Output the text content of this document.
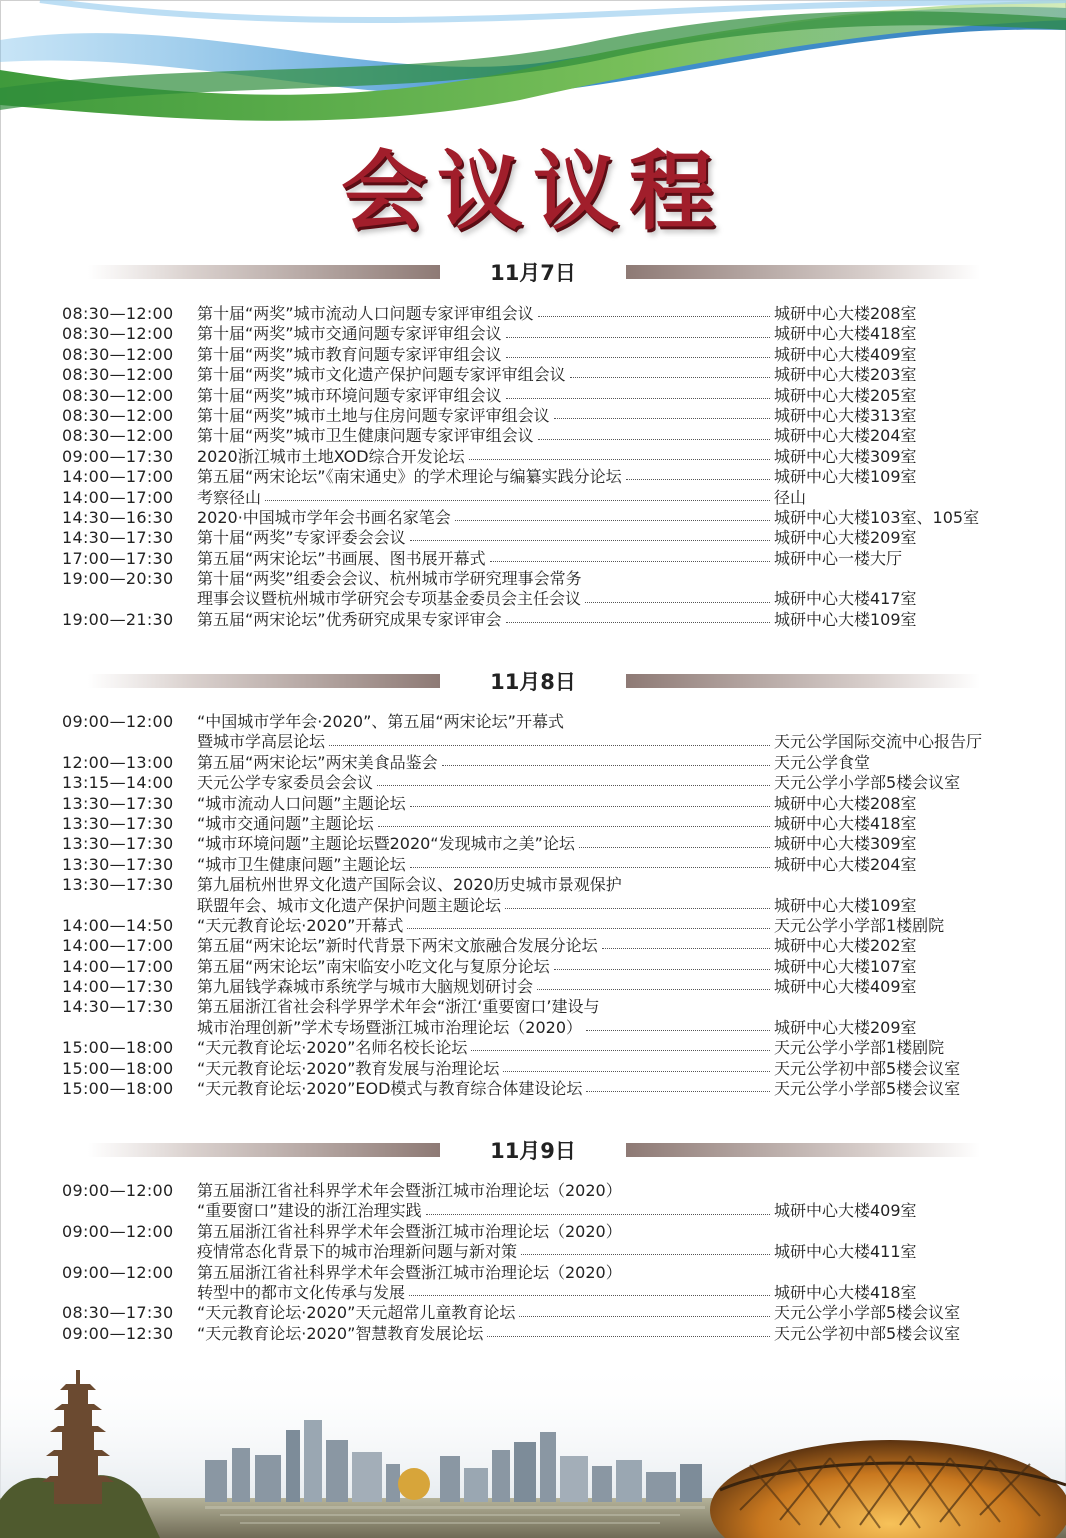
会议议程
11月7日
08:30—12:00	第十届“两奖”城市流动人口问题专家评审组会议	城研中心大楼208室
08:30—12:00	第十届“两奖”城市交通问题专家评审组会议	城研中心大楼418室
08:30—12:00	第十届“两奖”城市教育问题专家评审组会议	城研中心大楼409室
08:30—12:00	第十届“两奖”城市文化遗产保护问题专家评审组会议	城研中心大楼203室
08:30—12:00	第十届“两奖”城市环境问题专家评审组会议	城研中心大楼205室
08:30—12:00	第十届“两奖”城市土地与住房问题专家评审组会议	城研中心大楼313室
08:30—12:00	第十届“两奖”城市卫生健康问题专家评审组会议	城研中心大楼204室
09:00—17:30	2020浙江城市土地XOD综合开发论坛	城研中心大楼309室
14:00—17:00	第五届“两宋论坛”《南宋通史》的学术理论与编纂实践分论坛	城研中心大楼109室
14:00—17:00	考察径山	径山
14:30—16:30	2020·中国城市学年会书画名家笔会	城研中心大楼103室、105室
14:30—17:30	第十届“两奖”专家评委会会议	城研中心大楼209室
17:00—17:30	第五届“两宋论坛”书画展、图书展开幕式	城研中心一楼大厅
19:00—20:30	第十届“两奖”组委会会议、杭州城市学研究理事会常务
理事会议暨杭州城市学研究会专项基金委员会主任会议	城研中心大楼417室
19:00—21:30	第五届“两宋论坛”优秀研究成果专家评审会	城研中心大楼109室
11月8日
09:00—12:00	“中国城市学年会·2020”、第五届“两宋论坛”开幕式
暨城市学高层论坛	天元公学国际交流中心报告厅
12:00—13:00	第五届“两宋论坛”两宋美食品鉴会	天元公学食堂
13:15—14:00	天元公学专家委员会会议	天元公学小学部5楼会议室
13:30—17:30	“城市流动人口问题”主题论坛	城研中心大楼208室
13:30—17:30	“城市交通问题”主题论坛	城研中心大楼418室
13:30—17:30	“城市环境问题”主题论坛暨2020“发现城市之美”论坛	城研中心大楼309室
13:30—17:30	“城市卫生健康问题”主题论坛	城研中心大楼204室
13:30—17:30	第九届杭州世界文化遗产国际会议、2020历史城市景观保护
联盟年会、城市文化遗产保护问题主题论坛	城研中心大楼109室
14:00—14:50	“天元教育论坛·2020”开幕式	天元公学小学部1楼剧院
14:00—17:00	第五届“两宋论坛”新时代背景下两宋文旅融合发展分论坛	城研中心大楼202室
14:00—17:00	第五届“两宋论坛”南宋临安小吃文化与复原分论坛	城研中心大楼107室
14:00—17:30	第九届钱学森城市系统学与城市大脑规划研讨会	城研中心大楼409室
14:30—17:30	第五届浙江省社会科学界学术年会“浙江‘重要窗口’建设与
城市治理创新”学术专场暨浙江城市治理论坛（2020）	城研中心大楼209室
15:00—18:00	“天元教育论坛·2020”名师名校长论坛	天元公学小学部1楼剧院
15:00—18:00	“天元教育论坛·2020”教育发展与治理论坛	天元公学初中部5楼会议室
15:00—18:00	“天元教育论坛·2020”EOD模式与教育综合体建设论坛	天元公学小学部5楼会议室
11月9日
09:00—12:00	第五届浙江省社科界学术年会暨浙江城市治理论坛（2020）
“重要窗口”建设的浙江治理实践	城研中心大楼409室
09:00—12:00	第五届浙江省社科界学术年会暨浙江城市治理论坛（2020）
疫情常态化背景下的城市治理新问题与新对策	城研中心大楼411室
09:00—12:00	第五届浙江省社科界学术年会暨浙江城市治理论坛（2020）
转型中的都市文化传承与发展	城研中心大楼418室
08:30—17:30	“天元教育论坛·2020”天元超常儿童教育论坛	天元公学小学部5楼会议室
09:00—12:30	“天元教育论坛·2020”智慧教育发展论坛	天元公学初中部5楼会议室
